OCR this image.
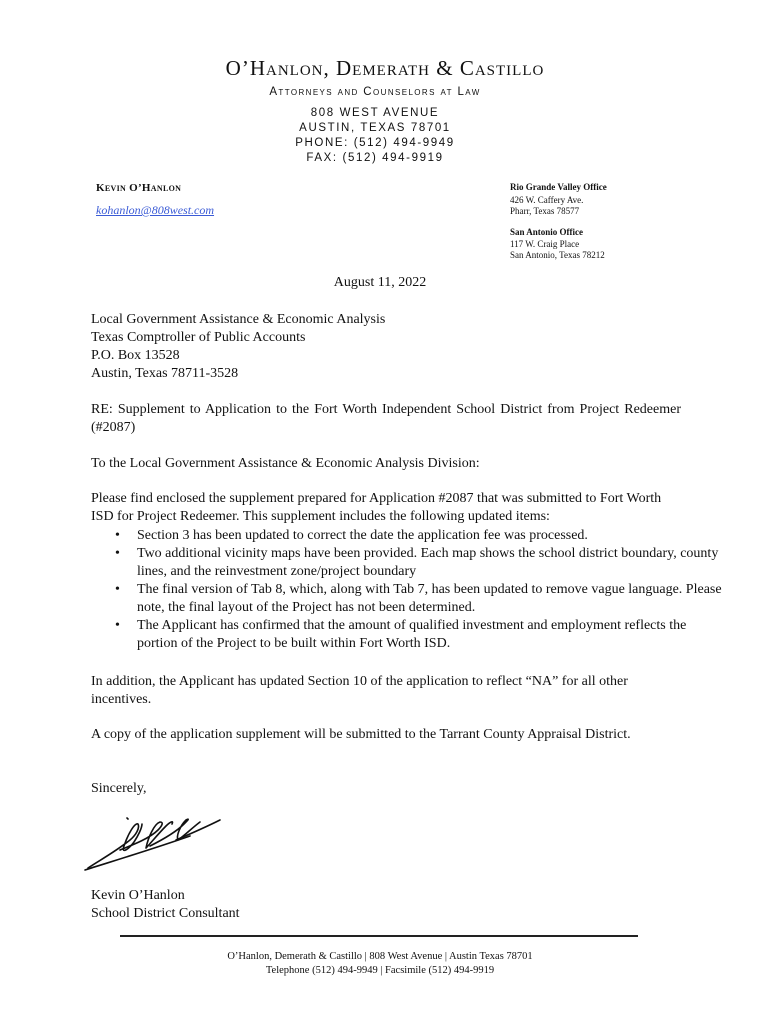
O’Hanlon, Demerath & Castillo
Attorneys and Counselors at Law
808 WEST AVENUE
AUSTIN, TEXAS 78701
PHONE: (512) 494-9949
FAX: (512) 494-9919
Kevin O’Hanlon
kohanlon@808west.com
Rio Grande Valley Office
426 W. Caffery Ave.
Pharr, Texas 78577
San Antonio Office
117 W. Craig Place
San Antonio, Texas 78212
August 11, 2022
Local Government Assistance & Economic Analysis
Texas Comptroller of Public Accounts
P.O. Box 13528
Austin, Texas 78711-3528

RE: Supplement to Application to the Fort Worth Independent School District from Project Redeemer (#2087)

To the Local Government Assistance & Economic Analysis Division:

Please find enclosed the supplement prepared for Application #2087 that was submitted to Fort Worth ISD for Project Redeemer. This supplement includes the following updated items:

• Section 3 has been updated to correct the date the application fee was processed.
• Two additional vicinity maps have been provided. Each map shows the school district boundary, county lines, and the reinvestment zone/project boundary
• The final version of Tab 8, which, along with Tab 7, has been updated to remove vague language. Please note, the final layout of the Project has not been determined.
• The Applicant has confirmed that the amount of qualified investment and employment reflects the portion of the Project to be built within Fort Worth ISD.

In addition, the Applicant has updated Section 10 of the application to reflect “NA” for all other incentives.

A copy of the application supplement will be submitted to the Tarrant County Appraisal District.

Sincerely,

Kevin O’Hanlon
School District Consultant
O’Hanlon, Demerath & Castillo | 808 West Avenue | Austin Texas 78701
Telephone (512) 494-9949 | Facsimile (512) 494-9919
